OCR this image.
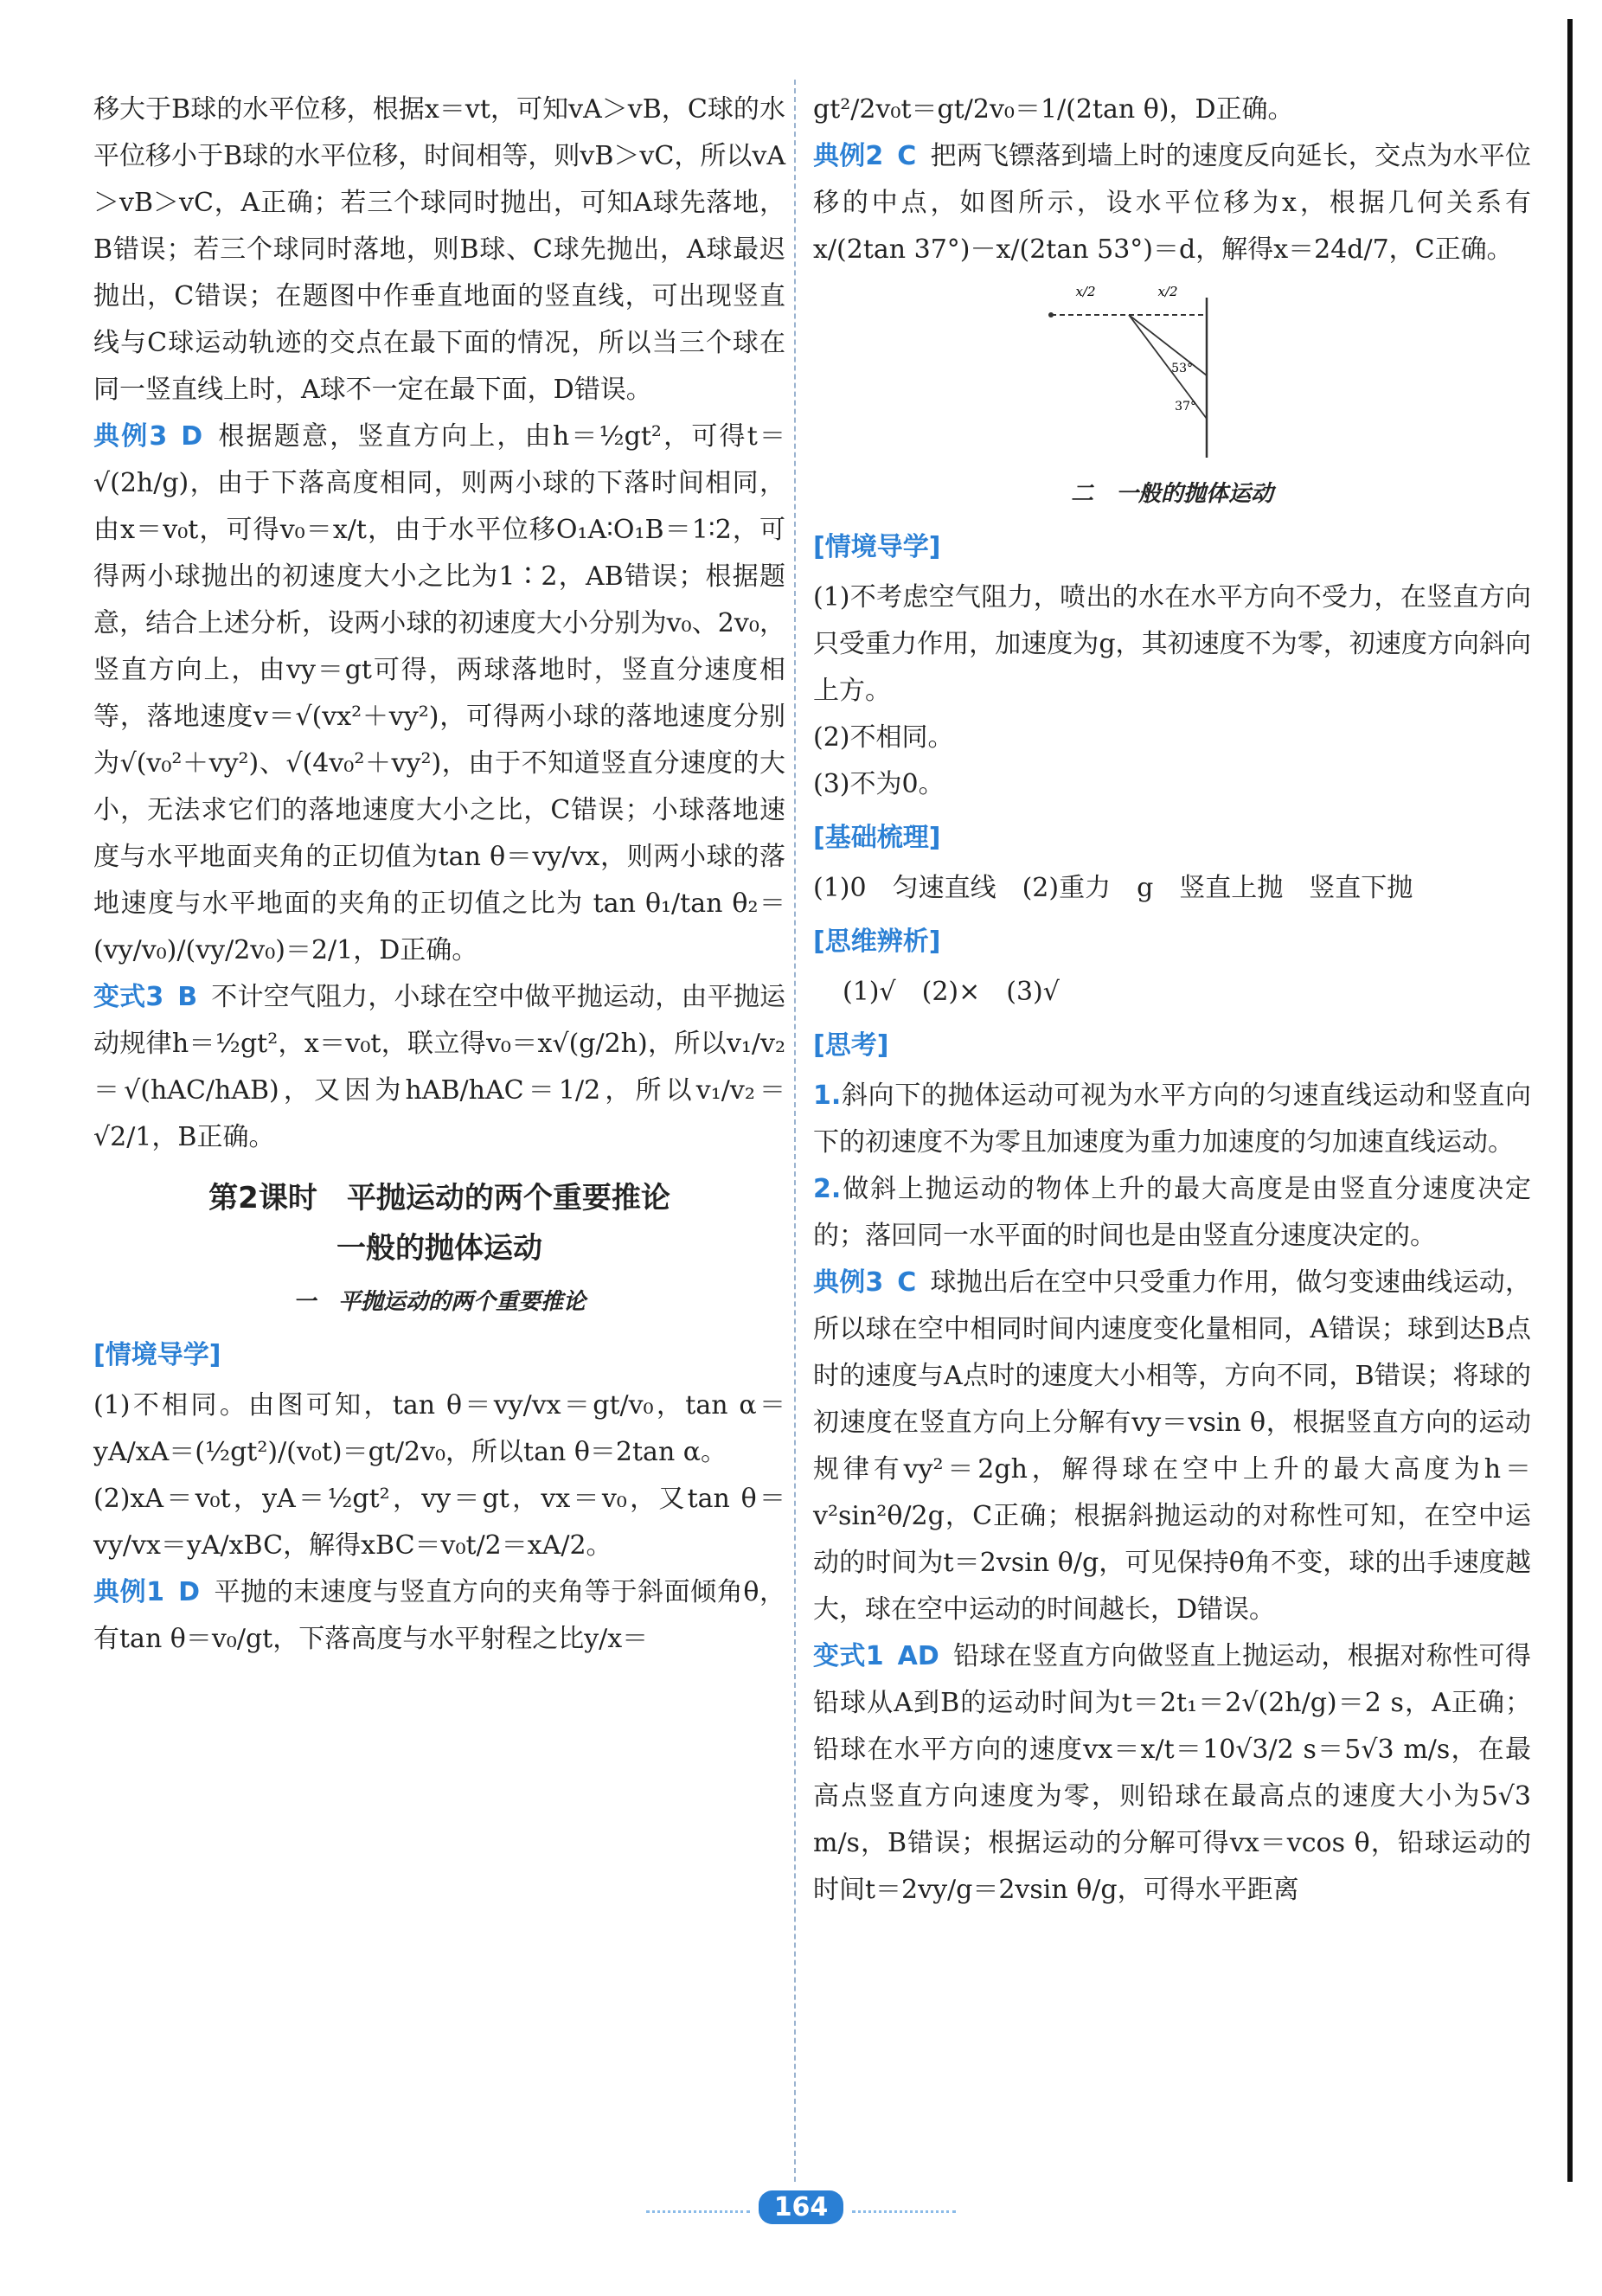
移大于B球的水平位移，根据x＝vt，可知vA＞vB，C球的水平位移小于B球的水平位移，时间相等，则vB＞vC，所以vA＞vB＞vC，A正确；若三个球同时抛出，可知A球先落地，B错误；若三个球同时落地，则B球、C球先抛出，A球最迟抛出，C错误；在题图中作垂直地面的竖直线，可出现竖直线与C球运动轨迹的交点在最下面的情况，所以当三个球在同一竖直线上时，A球不一定在最下面，D错误。

典例3 D 根据题意，竖直方向上，由h＝½gt²，可得t＝√(2h/g)，由于下落高度相同，则两小球的下落时间相同，由x＝v₀t，可得v₀＝x/t，由于水平位移O₁A∶O₁B＝1∶2，可得两小球抛出的初速度大小之比为1∶2，AB错误；根据题意，结合上述分析，设两小球的初速度大小分别为v₀、2v₀，竖直方向上，由vy＝gt可得，两球落地时，竖直分速度相等，落地速度v＝√(vx²＋vy²)，可得两小球的落地速度分别为√(v₀²＋vy²)、√(4v₀²＋vy²)，由于不知道竖直分速度的大小，无法求它们的落地速度大小之比，C错误；小球落地速度与水平地面夹角的正切值为tan θ＝vy/vx，则两小球的落地速度与水平地面的夹角的正切值之比为 tan θ₁/tan θ₂＝(vy/v₀)/(vy/2v₀)＝2/1，D正确。

变式3 B 不计空气阻力，小球在空中做平抛运动，由平抛运动规律h＝½gt²，x＝v₀t，联立得v₀＝x√(g/2h)，所以v₁/v₂＝√(hAC/hAB)，又因为hAB/hAC＝1/2，所以v₁/v₂＝√2/1，B正确。

第2课时　平抛运动的两个重要推论
一般的抛体运动
一　平抛运动的两个重要推论
[情境导学]

(1)不相同。由图可知，tan θ＝vy/vx＝gt/v₀，tan α＝yA/xA＝(½gt²)/(v₀t)＝gt/2v₀，所以tan θ＝2tan α。

(2)xA＝v₀t，yA＝½gt²，vy＝gt，vx＝v₀，又tan θ＝vy/vx＝yA/xBC，解得xBC＝v₀t/2＝xA/2。

典例1 D 平抛的末速度与竖直方向的夹角等于斜面倾角θ，有tan θ＝v₀/gt，下落高度与水平射程之比y/x＝

gt²/2v₀t＝gt/2v₀＝1/(2tan θ)，D正确。

典例2 C 把两飞镖落到墙上时的速度反向延长，交点为水平位移的中点，如图所示，设水平位移为x，根据几何关系有 x/(2tan 37°)－x/(2tan 53°)＝d，解得x＝24d/7，C正确。

x/2	x/2
53°
37°
二　一般的抛体运动
[情境导学]

(1)不考虑空气阻力，喷出的水在水平方向不受力，在竖直方向只受重力作用，加速度为g，其初速度不为零，初速度方向斜向上方。

(2)不相同。

(3)不为0。

[基础梳理]

(1)0　匀速直线　(2)重力　g　竖直上抛　竖直下抛

[思维辨析]

(1)√　(2)×　(3)√

[思考]

1.斜向下的抛体运动可视为水平方向的匀速直线运动和竖直向下的初速度不为零且加速度为重力加速度的匀加速直线运动。

2.做斜上抛运动的物体上升的最大高度是由竖直分速度决定的；落回同一水平面的时间也是由竖直分速度决定的。

典例3 C 球抛出后在空中只受重力作用，做匀变速曲线运动，所以球在空中相同时间内速度变化量相同，A错误；球到达B点时的速度与A点时的速度大小相等，方向不同，B错误；将球的初速度在竖直方向上分解有vy＝vsin θ，根据竖直方向的运动规律有vy²＝2gh，解得球在空中上升的最大高度为h＝v²sin²θ/2g，C正确；根据斜抛运动的对称性可知，在空中运动的时间为t＝2vsin θ/g，可见保持θ角不变，球的出手速度越大，球在空中运动的时间越长，D错误。

变式1 AD 铅球在竖直方向做竖直上抛运动，根据对称性可得铅球从A到B的运动时间为t＝2t₁＝2√(2h/g)＝2 s，A正确；铅球在水平方向的速度vx＝x/t＝10√3/2 s＝5√3 m/s，在最高点竖直方向速度为零，则铅球在最高点的速度大小为5√3 m/s，B错误；根据运动的分解可得vx＝vcos θ，铅球运动的时间t＝2vy/g＝2vsin θ/g，可得水平距离

164
